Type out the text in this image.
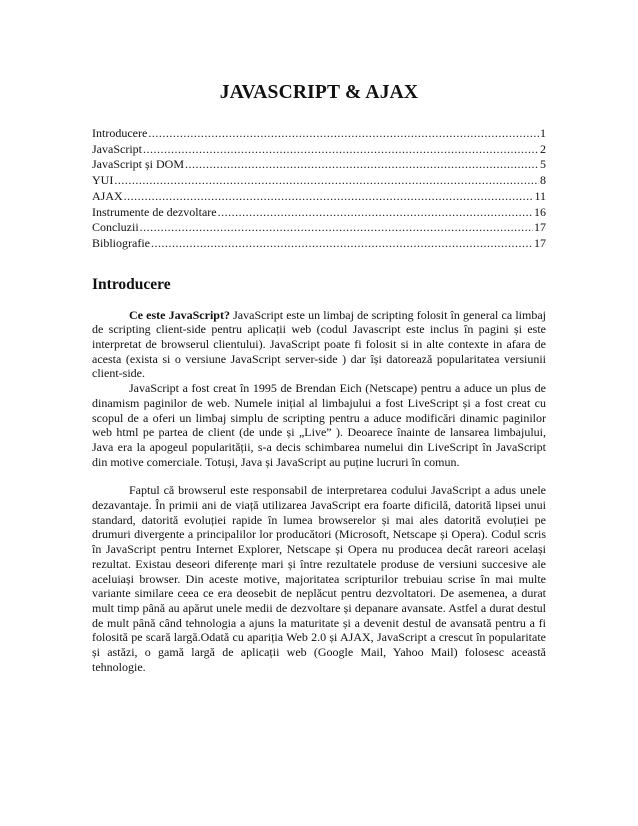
JAVASCRIPT & AJAX
Introducere .....	1
JavaScript .....	2
JavaScript și DOM .....	5
YUI .....	8
AJAX .....	11
Instrumente de dezvoltare .....	16
Concluzii .....	17
Bibliografie .....	17
Introducere

Ce este JavaScript? JavaScript este un limbaj de scripting folosit în general ca limbaj de scripting client-side pentru aplicații web (codul Javascript este inclus în pagini și este interpretat de browserul clientului). JavaScript poate fi folosit si in alte contexte in afara de acesta (exista si o versiune JavaScript server-side ) dar își datorează popularitatea versiunii client-side.

JavaScript a fost creat în 1995 de Brendan Eich (Netscape) pentru a aduce un plus de dinamism paginilor de web. Numele inițial al limbajului a fost LiveScript și a fost creat cu scopul de a oferi un limbaj simplu de scripting pentru a aduce modificări dinamic paginilor web html pe partea de client (de unde și „Live” ). Deoarece înainte de lansarea limbajului, Java era la apogeul popularității, s-a decis schimbarea numelui din LiveScript în JavaScript din motive comerciale. Totuși, Java și JavaScript au puține lucruri în comun.

Faptul că browserul este responsabil de interpretarea codului JavaScript a adus unele dezavantaje. În primii ani de viață utilizarea JavaScript era foarte dificilă, datorită lipsei unui standard, datorită evoluției rapide în lumea browserelor și mai ales datorită evoluției pe drumuri divergente a principalilor lor producători (Microsoft, Netscape și Opera). Codul scris în JavaScript pentru Internet Explorer, Netscape și Opera nu producea decât rareori același rezultat. Existau deseori diferențe mari și între rezultatele produse de versiuni succesive ale aceluiași browser. Din aceste motive, majoritatea scripturilor trebuiau scrise în mai multe variante similare ceea ce era deosebit de neplăcut pentru dezvoltatori. De asemenea, a durat mult timp până au apărut unele medii de dezvoltare și depanare avansate. Astfel a durat destul de mult până când tehnologia a ajuns la maturitate și a devenit destul de avansată pentru a fi folosită pe scară largă.Odată cu apariția Web 2.0 și AJAX, JavaScript a crescut în popularitate și astăzi, o gamă largă de aplicații web (Google Mail, Yahoo Mail) folosesc această tehnologie.
